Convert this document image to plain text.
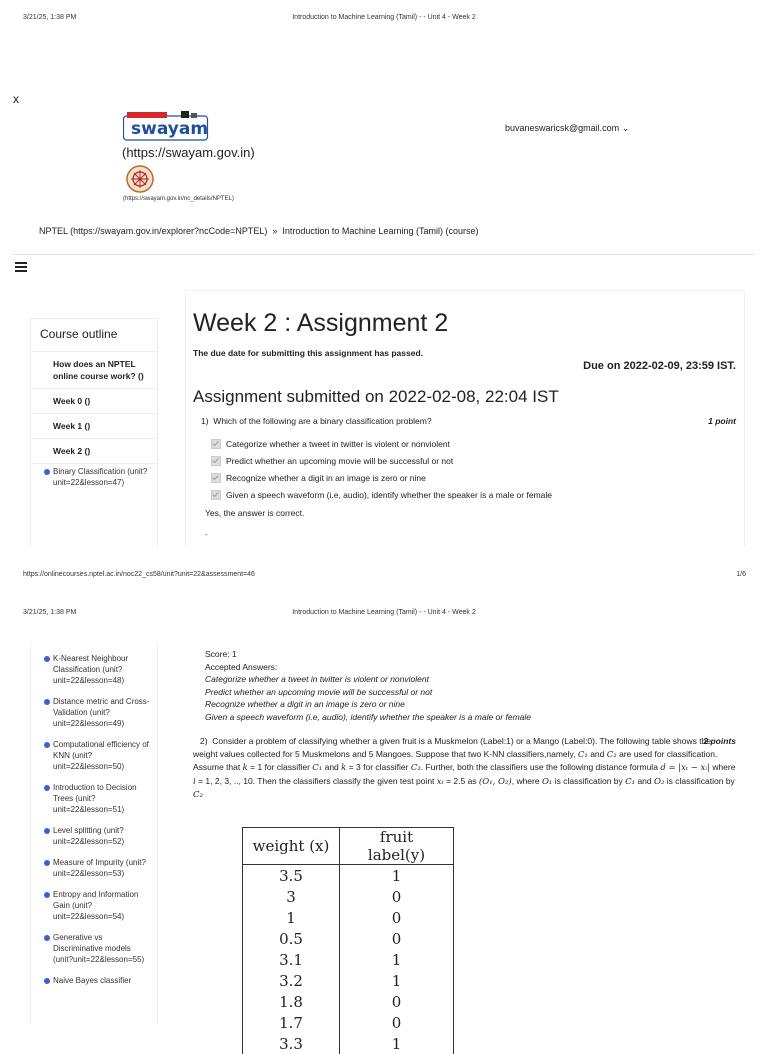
3/21/25, 1:38 PM	Introduction to Machine Learning (Tamil) - - Unit 4 - Week 2
x
swayam
(https://swayam.gov.in)
(https://swayam.gov.in/nc_details/NPTEL)
buvaneswaricsk@gmail.com ⌄
NPTEL (https://swayam.gov.in/explorer?ncCode=NPTEL) » Introduction to Machine Learning (Tamil) (course)
Course outline
How does an NPTEL online course work? ()
Week 0 ()
Week 1 ()
Week 2 ()
Binary Classification (unit?unit=22&lesson=47)
Week 2 : Assignment 2
The due date for submitting this assignment has passed.
Due on 2022-02-09, 23:59 IST.
Assignment submitted on 2022-02-08, 22:04 IST
1) Which of the following are a binary classification problem?	1 point
Categorize whether a tweet in twitter is violent or nonviolent
Predict whether an upcoming movie will be successful or not
Recognize whether a digit in an image is zero or nine
Given a speech waveform (i.e, audio), identify whether the speaker is a male or female
Yes, the answer is correct.
-
https://onlinecourses.nptel.ac.in/noc22_cs58/unit?unit=22&assessment=46	1/6
3/21/25, 1:38 PM	Introduction to Machine Learning (Tamil) - - Unit 4 - Week 2
K-Nearest Neighbour Classification (unit?unit=22&lesson=48)
Distance metric and Cross-Validation (unit?unit=22&lesson=49)
Computational efficiency of KNN (unit?unit=22&lesson=50)
Introduction to Decision Trees (unit?unit=22&lesson=51)
Level splitting (unit?unit=22&lesson=52)
Measure of Impurity (unit?unit=22&lesson=53)
Entropy and Information Gain (unit?unit=22&lesson=54)
Generative vs Discriminative models (unit?unit=22&lesson=55)
Naive Bayes classifier
Score: 1
Accepted Answers:
Categorize whether a tweet in twitter is violent or nonviolent
Predict whether an upcoming movie will be successful or not
Recognize whether a digit in an image is zero or nine
Given a speech waveform (i.e, audio), identify whether the speaker is a male or female
2 points
2) Consider a problem of classifying whether a given fruit is a Muskmelon (Label:1) or a Mango (Label:0). The following table shows the weight values collected for 5 Muskmelons and 5 Mangoes. Suppose that two K-NN classifiers,namely, C₁ and C₂ are used for classification. Assume that k = 1 for classifier C₁ and k = 3 for classifier C₂. Further, both the classifiers use the following distance formula d = |xₜ − xᵢ| where i = 1, 2, 3, .., 10. Then the classifiers classify the given test point xₜ = 2.5 as (O₁, O₂), where O₁ is classification by C₁ and O₂ is classification by C₂
weight (x)	fruit label(y)
3.5	1
3	0
1	0
0.5	0
3.1	1
3.2	1
1.8	0
1.7	0
3.3	1
